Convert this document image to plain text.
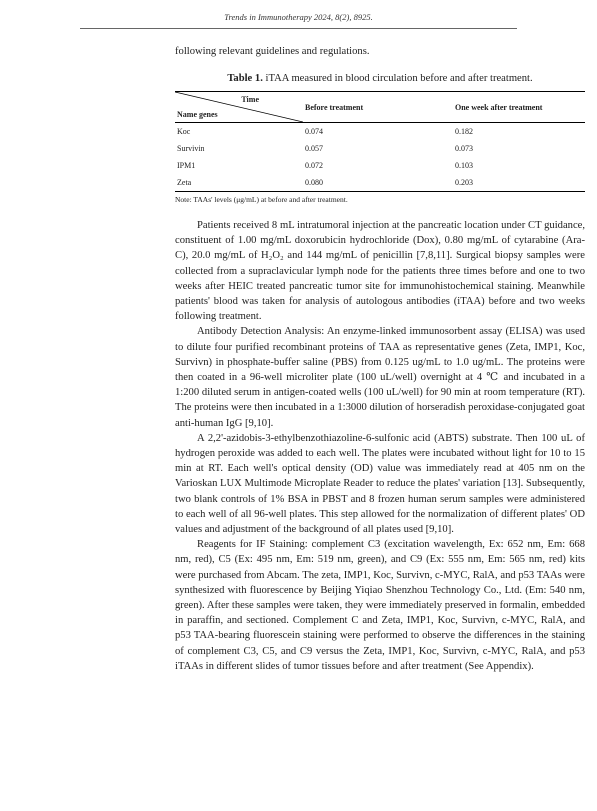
Trends in Immunotherapy 2024, 8(2), 8925.

following relevant guidelines and regulations.

Table 1. iTAA measured in blood circulation before and after treatment.
Time
Name genes	Before treatment	One week after treatment
Koc	0.074	0.182
Survivin	0.057	0.073
IPM1	0.072	0.103
Zeta	0.080	0.203

Note: TAAs' levels (μg/mL) at before and after treatment.

Patients received 8 mL intratumoral injection at the pancreatic location under CT guidance, constituent of 1.00 mg/mL doxorubicin hydrochloride (Dox), 0.80 mg/mL of cytarabine (Ara-C), 20.0 mg/mL of H₂O₂ and 144 mg/mL of penicillin [7,8,11]. Surgical biopsy samples were collected from a supraclavicular lymph node for the patients three times before and one to two weeks after HEIC treated pancreatic tumor site for immunohistochemical staining. Meanwhile patients' blood was taken for analysis of autologous antibodies (iTAA) before and two weeks following treatment.

Antibody Detection Analysis: An enzyme-linked immunosorbent assay (ELISA) was used to dilute four purified recombinant proteins of TAA as representative genes (Zeta, IMP1, Koc, Survivn) in phosphate-buffer saline (PBS) from 0.125 ug/mL to 1.0 ug/mL. The proteins were then coated in a 96-well microliter plate (100 uL/well) overnight at 4 ℃ and incubated in a 1:200 diluted serum in antigen-coated wells (100 uL/well) for 90 min at room temperature (RT). The proteins were then incubated in a 1:3000 dilution of horseradish peroxidase-conjugated goat anti-human IgG [9,10].

A 2,2'-azidobis-3-ethylbenzothiazoline-6-sulfonic acid (ABTS) substrate. Then 100 uL of hydrogen peroxide was added to each well. The plates were incubated without light for 10 to 15 min at RT. Each well's optical density (OD) value was immediately read at 405 nm on the Varioskan LUX Multimode Microplate Reader to reduce the plates' variation [13]. Subsequently, two blank controls of 1% BSA in PBST and 8 frozen human serum samples were administered to each well of all 96-well plates. This step allowed for the normalization of different plates' OD values and adjustment of the background of all plates used [9,10].

Reagents for IF Staining: complement C3 (excitation wavelength, Ex: 652 nm, Em: 668 nm, red), C5 (Ex: 495 nm, Em: 519 nm, green), and C9 (Ex: 555 nm, Em: 565 nm, red) kits were purchased from Abcam. The zeta, IMP1, Koc, Survivn, c-MYC, RalA, and p53 TAAs were synthesized with fluorescence by Beijing Yiqiao Shenzhou Technology Co., Ltd. (Em: 540 nm, green). After these samples were taken, they were immediately preserved in formalin, embedded in paraffin, and sectioned. Complement C and Zeta, IMP1, Koc, Survivn, c-MYC, RalA, and p53 TAA-bearing fluorescein staining were performed to observe the differences in the staining of complement C3, C5, and C9 versus the Zeta, IMP1, Koc, Survivn, c-MYC, RalA, and p53 iTAAs in different slides of tumor tissues before and after treatment (See Appendix).
